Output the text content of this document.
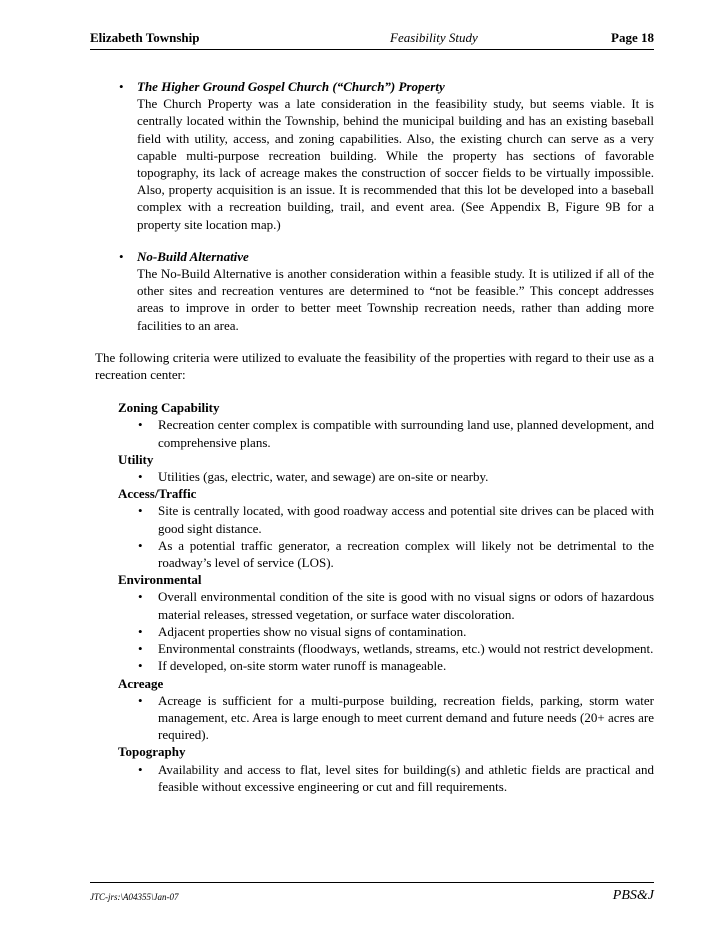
Elizabeth Township	Feasibility Study	Page 18
• The Higher Ground Gospel Church (“Church”) Property
The Church Property was a late consideration in the feasibility study, but seems viable. It is centrally located within the Township, behind the municipal building and has an existing baseball field with utility, access, and zoning capabilities. Also, the existing church can serve as a very capable multi-purpose recreation building. While the property has sections of favorable topography, its lack of acreage makes the construction of soccer fields to be virtually impossible. Also, property acquisition is an issue. It is recommended that this lot be developed into a baseball complex with a recreation building, trail, and event area. (See Appendix B, Figure 9B for a property site location map.)
• No-Build Alternative
The No-Build Alternative is another consideration within a feasible study. It is utilized if all of the other sites and recreation ventures are determined to “not be feasible.” This concept addresses areas to improve in order to better meet Township recreation needs, rather than adding more facilities to an area.

The following criteria were utilized to evaluate the feasibility of the properties with regard to their use as a recreation center:

Zoning Capability
• Recreation center complex is compatible with surrounding land use, planned development, and comprehensive plans.
Utility
• Utilities (gas, electric, water, and sewage) are on-site or nearby.
Access/Traffic
• Site is centrally located, with good roadway access and potential site drives can be placed with good sight distance.
• As a potential traffic generator, a recreation complex will likely not be detrimental to the roadway’s level of service (LOS).
Environmental
• Overall environmental condition of the site is good with no visual signs or odors of hazardous material releases, stressed vegetation, or surface water discoloration.
• Adjacent properties show no visual signs of contamination.
• Environmental constraints (floodways, wetlands, streams, etc.) would not restrict development.
• If developed, on-site storm water runoff is manageable.
Acreage
• Acreage is sufficient for a multi-purpose building, recreation fields, parking, storm water management, etc. Area is large enough to meet current demand and future needs (20+ acres are required).
Topography
• Availability and access to flat, level sites for building(s) and athletic fields are practical and feasible without excessive engineering or cut and fill requirements.
JTC-jrs:\A04355\Jan-07	PBS&J
